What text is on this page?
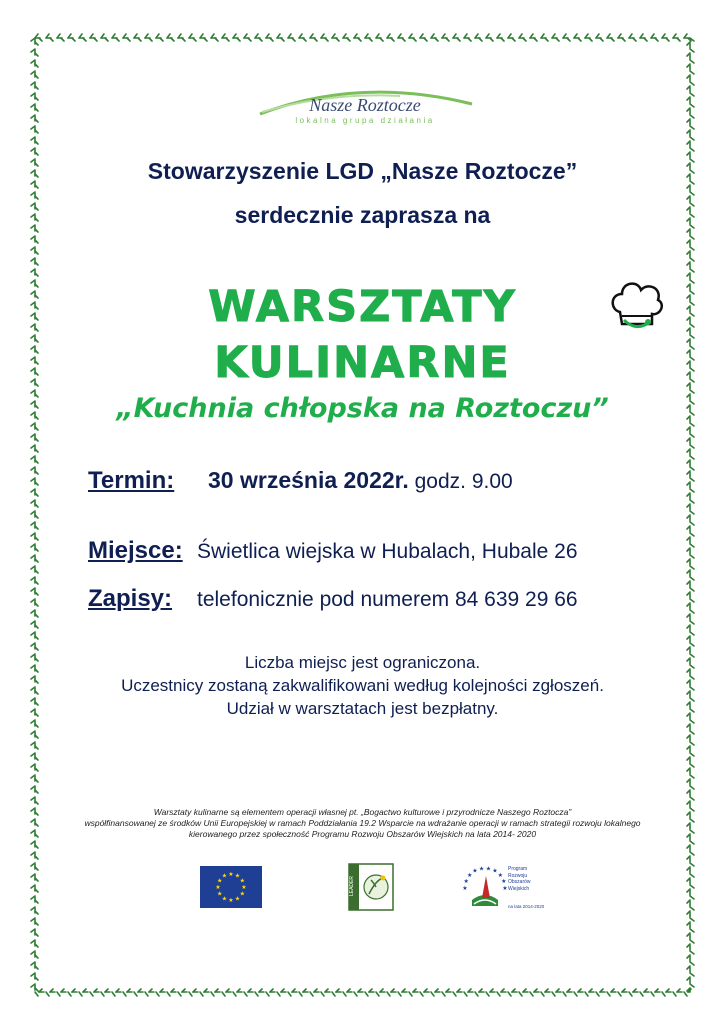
Nasze Roztocze
lokalna grupa działania
Stowarzyszenie LGD „Nasze Roztocze”
serdecznie zaprasza na
WARSZTATY
KULINARNE
„Kuchnia chłopska na Roztoczu”
Termin: 30 września 2022r. godz. 9.00
Miejsce: Świetlica wiejska w Hubalach, Hubale 26
Zapisy: telefonicznie pod numerem 84 639 29 66
Liczba miejsc jest ograniczona.
Uczestnicy zostaną zakwalifikowani według kolejności zgłoszeń.
Udział w warsztatach jest bezpłatny.
Warsztaty kulinarne są elementem operacji własnej pt. „Bogactwo kulturowe i przyrodnicze Naszego Roztocza”
współfinansowanej ze środków Unii Europejskiej w ramach Poddziałania 19.2 Wsparcie na wdrażanie operacji w ramach strategii rozwoju lokalnego
kierowanego przez społeczność Programu Rozwoju Obszarów Wiejskich na lata 2014- 2020
★
★
★
★
★
★
★
★
★ ★ ★
★	LEADER	★
★
★
★ ★ ★ ★
★
★
★
Program
Rozwoju
Obszarów
Wiejskich
na lata 2014-2020
